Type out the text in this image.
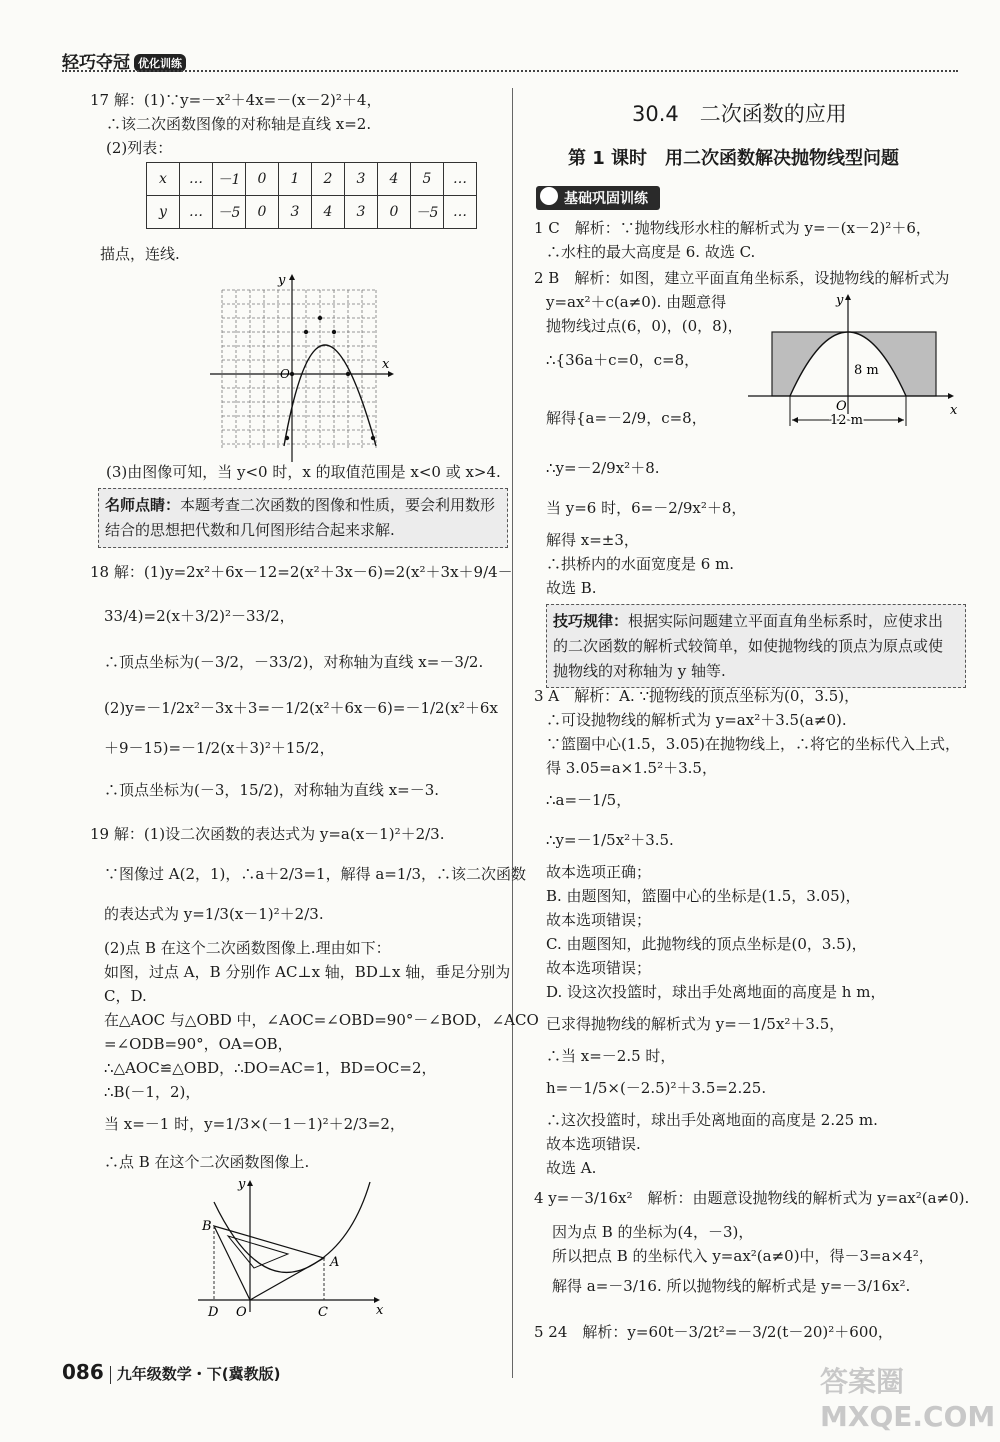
轻巧夺冠 优化训练
17 解：(1)∵y=－x²＋4x=－(x－2)²＋4，
∴该二次函数图像的对称轴是直线 x=2.
(2)列表：
x	…	－1	0	1	2	3	4	5	…
y	…	－5	0	3	4	3	0	－5	…
描点，连线.
y
x
O
(3)由图像可知，当 y<0 时，x 的取值范围是 x<0 或 x>4.
名师点睛：本题考查二次函数的图像和性质，要会利用数形
结合的思想把代数和几何图形结合起来求解.
18 解：(1)y=2x²＋6x－12=2(x²＋3x－6)=2(x²＋3x＋9/4－
33/4)=2(x＋3/2)²－33/2，
∴顶点坐标为(－3/2，－33/2)，对称轴为直线 x=－3/2.
(2)y=－1/2x²－3x＋3=－1/2(x²＋6x－6)=－1/2(x²＋6x
＋9－15)=－1/2(x＋3)²＋15/2，
∴顶点坐标为(－3，15/2)，对称轴为直线 x=－3.
19 解：(1)设二次函数的表达式为 y=a(x－1)²＋2/3.
∵图像过 A(2，1)，∴a＋2/3=1，解得 a=1/3，∴该二次函数
的表达式为 y=1/3(x－1)²＋2/3.
(2)点 B 在这个二次函数图像上.理由如下：
如图，过点 A，B 分别作 AC⊥x 轴，BD⊥x 轴，垂足分别为
C，D.
在△AOC 与△OBD 中，∠AOC=∠OBD=90°－∠BOD，∠ACO
=∠ODB=90°，OA=OB，
∴△AOC≌△OBD，∴DO=AC=1，BD=OC=2，
∴B(－1，2)，
当 x=－1 时，y=1/3×(－1－1)²＋2/3=2，
∴点 B 在这个二次函数图像上.
y
x
B
A
D O	C
30.4　二次函数的应用
第 1 课时　用二次函数解决抛物线型问题
基础巩固训练
1 C　解析：∵抛物线形水柱的解析式为 y=－(x－2)²＋6，
∴水柱的最大高度是 6. 故选 C.
2 B　解析：如图，建立平面直角坐标系，设抛物线的解析式为
y=ax²＋c(a≠0). 由题意得
抛物线过点(6，0)，(0，8)，
∴{36a＋c=0，c=8，
解得{a=－2/9，c=8，
∴y=－2/9x²＋8.
当 y=6 时，6=－2/9x²＋8，
解得 x=±3，
∴拱桥内的水面宽度是 6 m.
故选 B.
y
x
O
8 m
12 m
技巧规律：根据实际问题建立平面直角坐标系时，应使求出
的二次函数的解析式较简单，如使抛物线的顶点为原点或使
抛物线的对称轴为 y 轴等.
3 A　解析：A. ∵抛物线的顶点坐标为(0，3.5)，
∴可设抛物线的解析式为 y=ax²＋3.5(a≠0).
∵篮圈中心(1.5，3.05)在抛物线上，∴将它的坐标代入上式，
得 3.05=a×1.5²＋3.5，
∴a=－1/5，
∴y=－1/5x²＋3.5.
故本选项正确；
B. 由题图知，篮圈中心的坐标是(1.5，3.05)，
故本选项错误；
C. 由题图知，此抛物线的顶点坐标是(0，3.5)，
故本选项错误；
D. 设这次投篮时，球出手处离地面的高度是 h m，
已求得抛物线的解析式为 y=－1/5x²＋3.5，
∴当 x=－2.5 时，
h=－1/5×(－2.5)²＋3.5=2.25.
∴这次投篮时，球出手处离地面的高度是 2.25 m.
故本选项错误.
故选 A.
4 y=－3/16x²　解析：由题意设抛物线的解析式为 y=ax²(a≠0).
因为点 B 的坐标为(4，－3)，
所以把点 B 的坐标代入 y=ax²(a≠0)中，得－3=a×4²，
解得 a=－3/16. 所以抛物线的解析式是 y=－3/16x².
5 24　解析：y=60t－3/2t²=－3/2(t－20)²＋600，
086 九年级数学・下(冀教版)	答案圈 MXQE.COM
